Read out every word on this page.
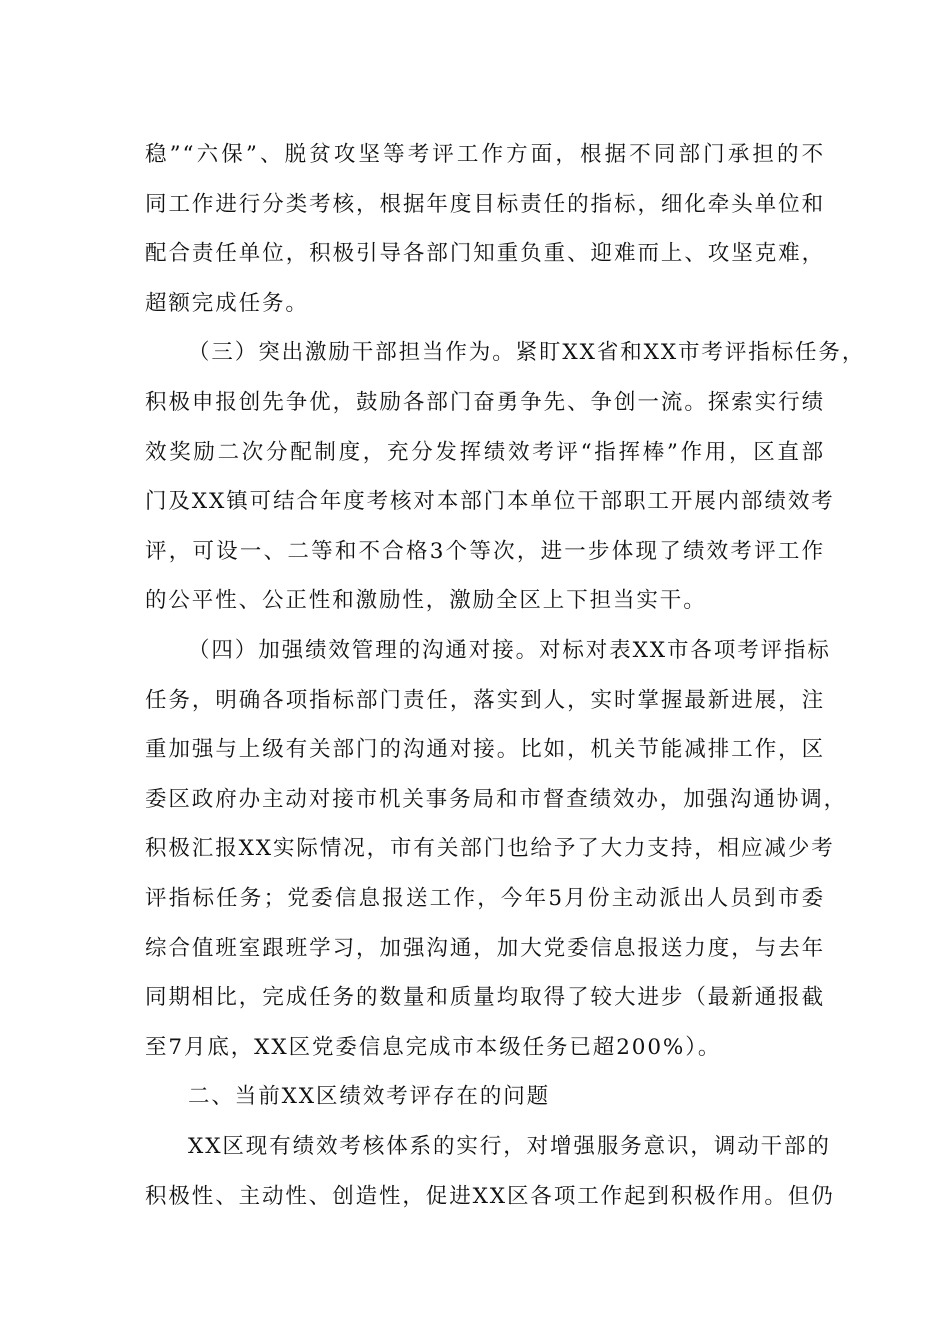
稳”“六保”、脱贫攻坚等考评工作方面，根据不同部门承担的不
同工作进行分类考核，根据年度目标责任的指标，细化牵头单位和
配合责任单位，积极引导各部门知重负重、迎难而上、攻坚克难，
超额完成任务。
（三）突出激励干部担当作为。紧盯XX省和XX市考评指标任务，
积极申报创先争优，鼓励各部门奋勇争先、争创一流。探索实行绩
效奖励二次分配制度，充分发挥绩效考评“指挥棒”作用，区直部
门及XX镇可结合年度考核对本部门本单位干部职工开展内部绩效考
评，可设一、二等和不合格3个等次，进一步体现了绩效考评工作
的公平性、公正性和激励性，激励全区上下担当实干。
（四）加强绩效管理的沟通对接。对标对表XX市各项考评指标
任务，明确各项指标部门责任，落实到人，实时掌握最新进展，注
重加强与上级有关部门的沟通对接。比如，机关节能减排工作，区
委区政府办主动对接市机关事务局和市督查绩效办，加强沟通协调，
积极汇报XX实际情况，市有关部门也给予了大力支持，相应减少考
评指标任务；党委信息报送工作，今年5月份主动派出人员到市委
综合值班室跟班学习，加强沟通，加大党委信息报送力度，与去年
同期相比，完成任务的数量和质量均取得了较大进步（最新通报截
至7月底，XX区党委信息完成市本级任务已超200%）。
二、当前XX区绩效考评存在的问题
XX区现有绩效考核体系的实行，对增强服务意识，调动干部的
积极性、主动性、创造性，促进XX区各项工作起到积极作用。但仍
